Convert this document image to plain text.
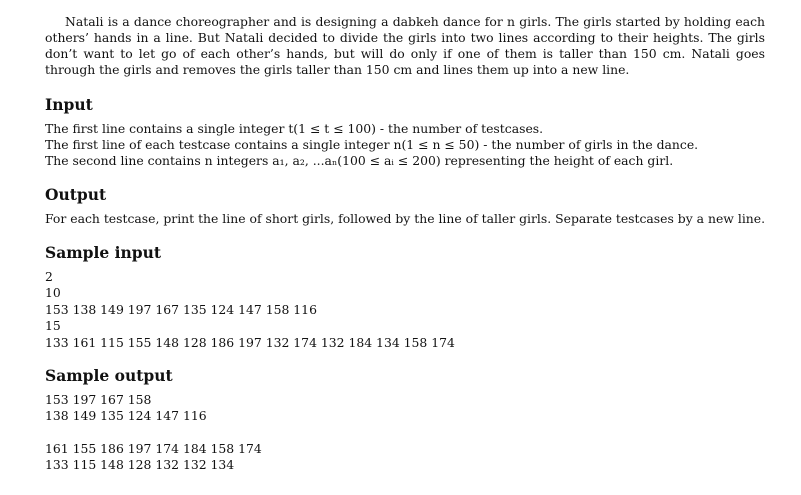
Natali is a dance choreographer and is designing a dabkeh dance for n girls. The girls started by holding each others’ hands in a line. But Natali decided to divide the girls into two lines according to their heights. The girls don’t want to let go of each other’s hands, but will do only if one of them is taller than 150 cm. Natali goes through the girls and removes the girls taller than 150 cm and lines them up into a new line.

Input
The first line contains a single integer t(1 ≤ t ≤ 100) - the number of testcases.
The first line of each testcase contains a single integer n(1 ≤ n ≤ 50) - the number of girls in the dance.
The second line contains n integers a₁, a₂, ...aₙ(100 ≤ aᵢ ≤ 200) representing the height of each girl.
Output
For each testcase, print the line of short girls, followed by the line of taller girls. Separate testcases by a new line.
Sample input
2
10
153 138 149 197 167 135 124 147 158 116
15
133 161 115 155 148 128 186 197 132 174 132 184 134 158 174
Sample output
153 197 167 158
138 149 135 124 147 116
161 155 186 197 174 184 158 174
133 115 148 128 132 132 134
